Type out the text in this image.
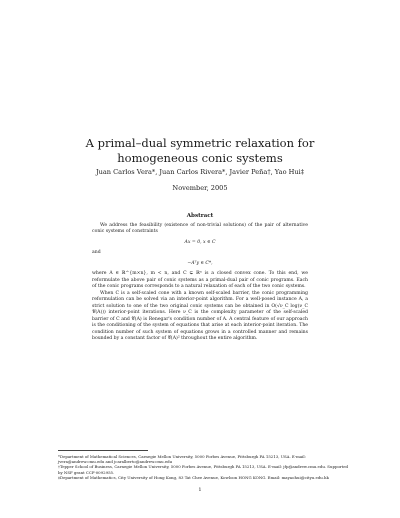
A primal–dual symmetric relaxation for
homogeneous conic systems
Juan Carlos Vera*, Juan Carlos Rivera*, Javier Peña†, Yao Hui‡
November, 2005
Abstract

We address the feasibility (existence of non-trivial solutions) of the pair of alternative conic systems of constraints

Ax = 0, x ∈ C

and

−Aᵀy ∈ C*,

where A ∈ ℝ^{m×n}, m < n, and C ⊊ ℝⁿ is a closed convex cone. To this end, we reformulate the above pair of conic systems as a primal-dual pair of conic programs. Each of the conic programs corresponds to a natural relaxation of each of the two conic systems.

When C is a self-scaled cone with a known self-scaled barrier, the conic programming reformulation can be solved via an interior-point algorithm. For a well-posed instance A, a strict solution to one of the two original conic systems can be obtained in O(√ν_C log(ν_C 𝒞(A))) interior-point iterations. Here ν_C is the complexity parameter of the self-scaled barrier of C and 𝒞(A) is Renegar's condition number of A. A central feature of our approach is the conditioning of the system of equations that arise at each interior-point iteration. The condition number of such system of equations grows in a controlled manner and remains bounded by a constant factor of 𝒞(A)² throughout the entire algorithm.

*Department of Mathematical Sciences, Carnegie Mellon University, 5000 Forbes Avenue, Pittsburgh PA 15213, USA. E-mail: jvera@andrew.cmu.edu and jcaralberto@andrew.cmu.edu

†Tepper School of Business, Carnegie Mellon University, 5000 Forbes Avenue, Pittsburgh PA 15213, USA. E-mail: jfp@andrew.cmu.edu. Supported by NSF grant CCF-0092955.

‡Department of Mathematics, City University of Hong Kong, 83 Tat Chee Avenue, Kowloon HONG KONG. Email: mayaohui@cityu.edu.hk

1
